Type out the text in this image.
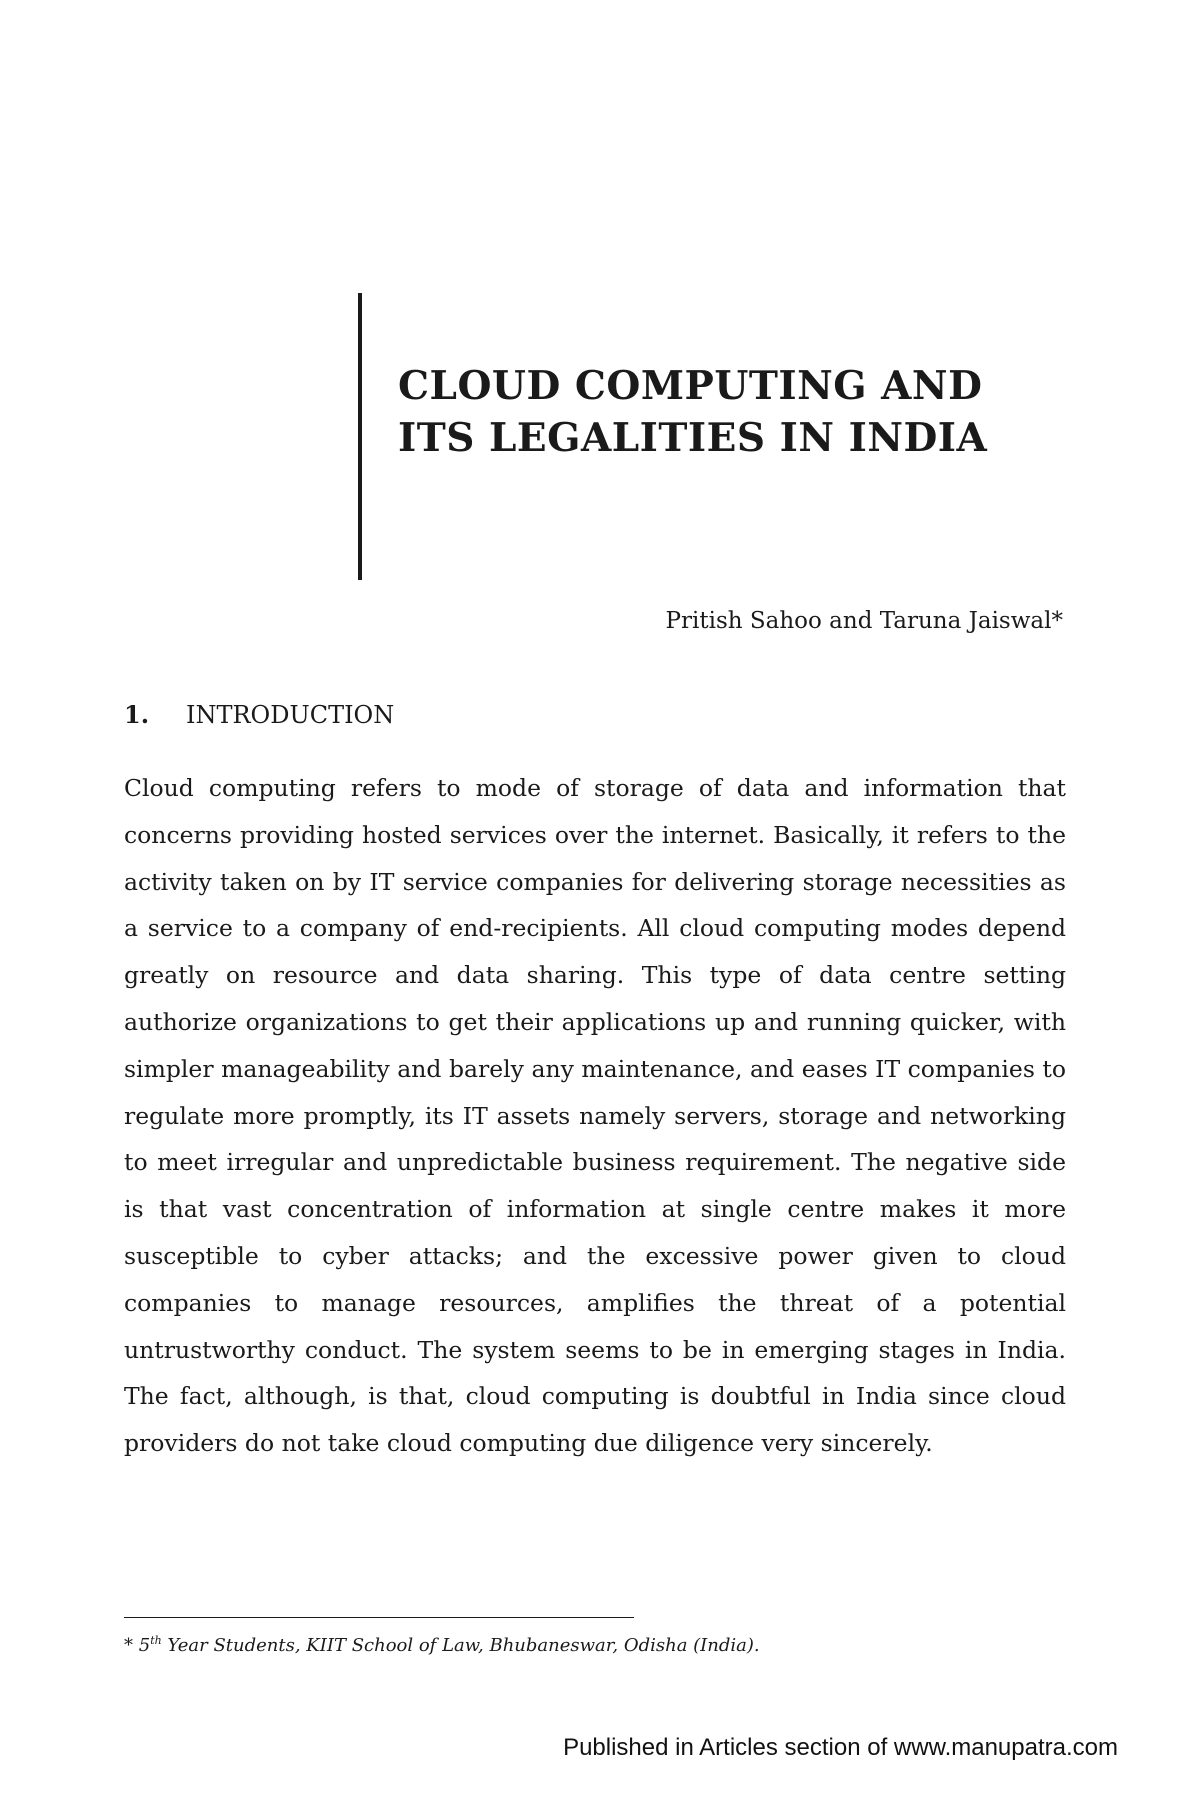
CLOUD COMPUTING AND
ITS LEGALITIES IN INDIA

Pritish Sahoo and Taruna Jaiswal*

1.	INTRODUCTION

Cloud computing refers to mode of storage of data and information that concerns providing hosted services over the internet. Basically, it refers to the activity taken on by IT service companies for delivering storage necessities as a service to a company of end-recipients. All cloud computing modes depend greatly on resource and data sharing. This type of data centre setting authorize organizations to get their applications up and running quicker, with simpler manageability and barely any maintenance, and eases IT companies to regulate more promptly, its IT assets namely servers, storage and networking to meet irregular and unpredictable business requirement. The negative side is that vast concentration of information at single centre makes it more susceptible to cyber attacks; and the excessive power given to cloud companies to manage resources, amplifies the threat of a potential untrustworthy conduct. The system seems to be in emerging stages in India. The fact, although, is that, cloud computing is doubtful in India since cloud providers do not take cloud computing due diligence very sincerely.

* 5th Year Students, KIIT School of Law, Bhubaneswar, Odisha (India).

Published in Articles section of www.manupatra.com
